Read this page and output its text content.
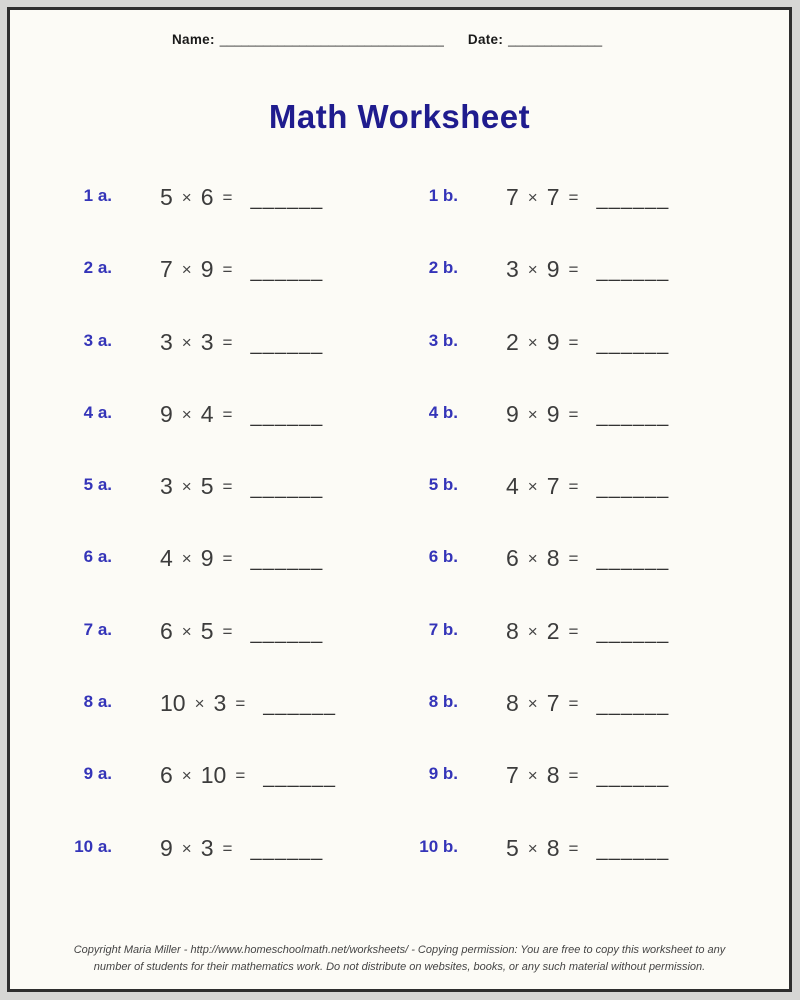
Name: _______________________________ Date: _____________
Math Worksheet
1 a. 5 × 6 = ______	1 b. 7 × 7 = ______
2 a. 7 × 9 = ______	2 b. 3 × 9 = ______
3 a. 3 × 3 = ______	3 b. 2 × 9 = ______
4 a. 9 × 4 = ______	4 b. 9 × 9 = ______
5 a. 3 × 5 = ______	5 b. 4 × 7 = ______
6 a. 4 × 9 = ______	6 b. 6 × 8 = ______
7 a. 6 × 5 = ______	7 b. 8 × 2 = ______
8 a. 10 × 3 = ______	8 b. 8 × 7 = ______
9 a. 6 × 10 = ______	9 b. 7 × 8 = ______
10 a. 9 × 3 = ______	10 b. 5 × 8 = ______
Copyright Maria Miller - http://www.homeschoolmath.net/worksheets/ - Copying permission: You are free to copy this worksheet to any
number of students for their mathematics work. Do not distribute on websites, books, or any such material without permission.
